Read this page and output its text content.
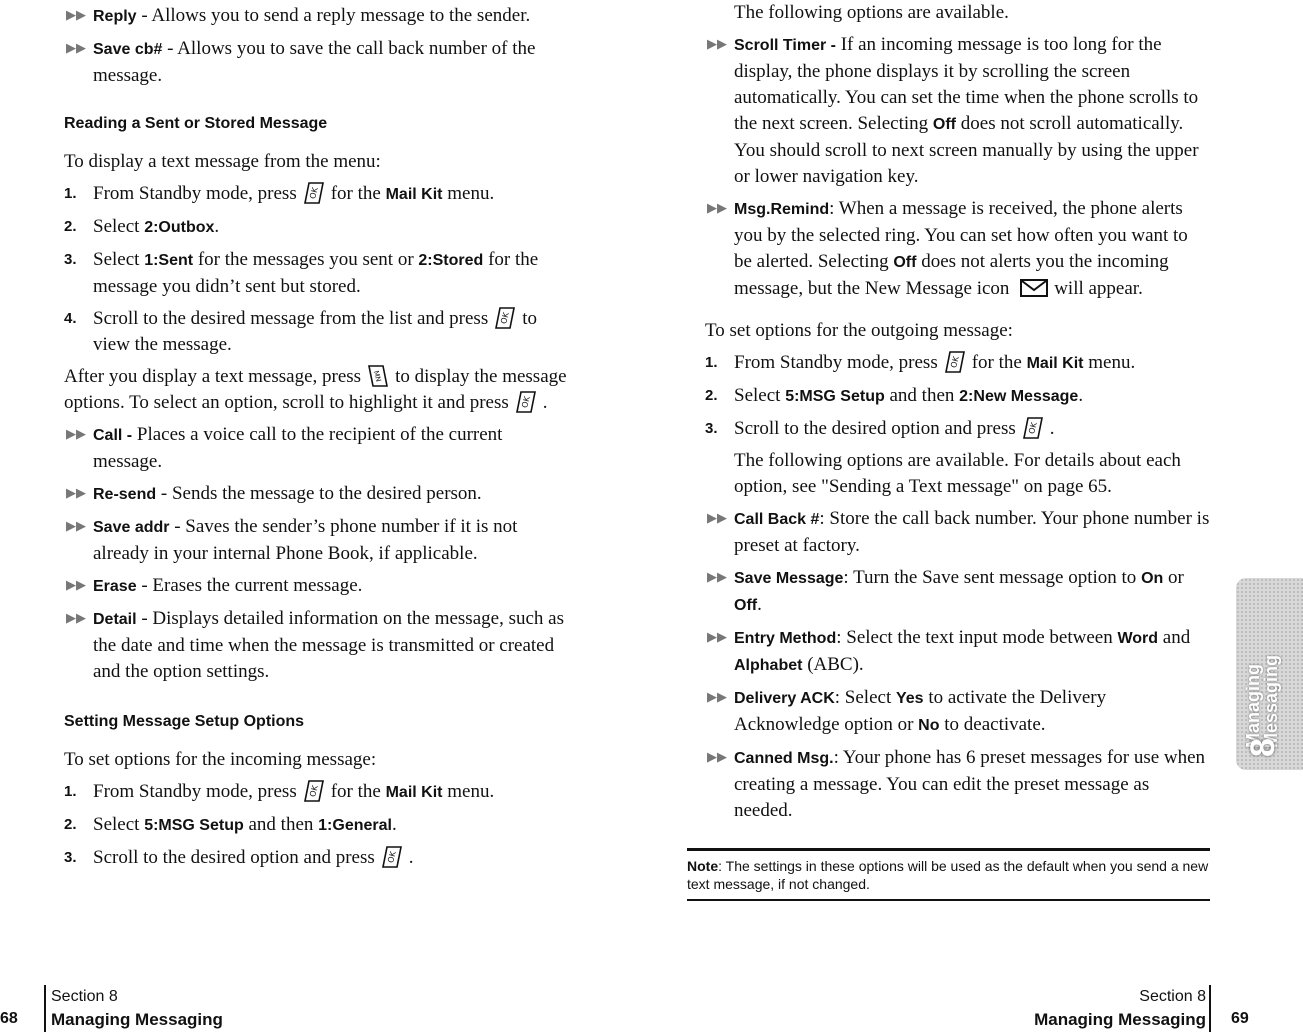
▶▶ Reply - Allows you to send a reply message to the sender.
▶▶ Save cb# - Allows you to save the call back number of the message.
Reading a Sent or Stored Message
To display a text message from the menu:
1. From Standby mode, press for the Mail Kit menu.
2. Select 2:Outbox.
3. Select 1:Sent for the messages you sent or 2:Stored for the message you didn’t sent but stored.
4. Scroll to the desired message from the list and press to view the message.
After you display a text message, press to display the message options. To select an option, scroll to highlight it and press .
▶▶ Call - Places a voice call to the recipient of the current message.
▶▶ Re-send - Sends the message to the desired person.
▶▶ Save addr - Saves the sender’s phone number if it is not already in your internal Phone Book, if applicable.
▶▶ Erase - Erases the current message.
▶▶ Detail - Displays detailed information on the message, such as the date and time when the message is transmitted or created and the option settings.
Setting Message Setup Options
To set options for the incoming message:
1. From Standby mode, press for the Mail Kit menu.
2. Select 5:MSG Setup and then 1:General.
3. Scroll to the desired option and press .
The following options are available.
▶▶ Scroll Timer - If an incoming message is too long for the display, the phone displays it by scrolling the screen automatically. You can set the time when the phone scrolls to the next screen. Selecting Off does not scroll automatically. You should scroll to next screen manually by using the upper or lower navigation key.
▶▶ Msg.Remind: When a message is received, the phone alerts you by the selected ring. You can set how often you want to be alerted. Selecting Off does not alerts you the incoming message, but the New Message icon will appear.
To set options for the outgoing message:
1. From Standby mode, press for the Mail Kit menu.
2. Select 5:MSG Setup and then 2:New Message.
3. Scroll to the desired option and press .
The following options are available. For details about each option, see "Sending a Text message" on page 65.
▶▶ Call Back #: Store the call back number. Your phone number is preset at factory.
▶▶ Save Message: Turn the Save sent message option to On or Off.
▶▶ Entry Method: Select the text input mode between Word and Alphabet (ABC).
▶▶ Delivery ACK: Select Yes to activate the Delivery Acknowledge option or No to deactivate.
▶▶ Canned Msg.: Your phone has 6 preset messages for use when creating a message. You can edit the preset message as needed.
Note: The settings in these options will be used as the default when you send a new text message, if not changed.
Managing
Messaging
8
Section 8
Managing Messaging
68
Section 8
Managing Messaging 69
